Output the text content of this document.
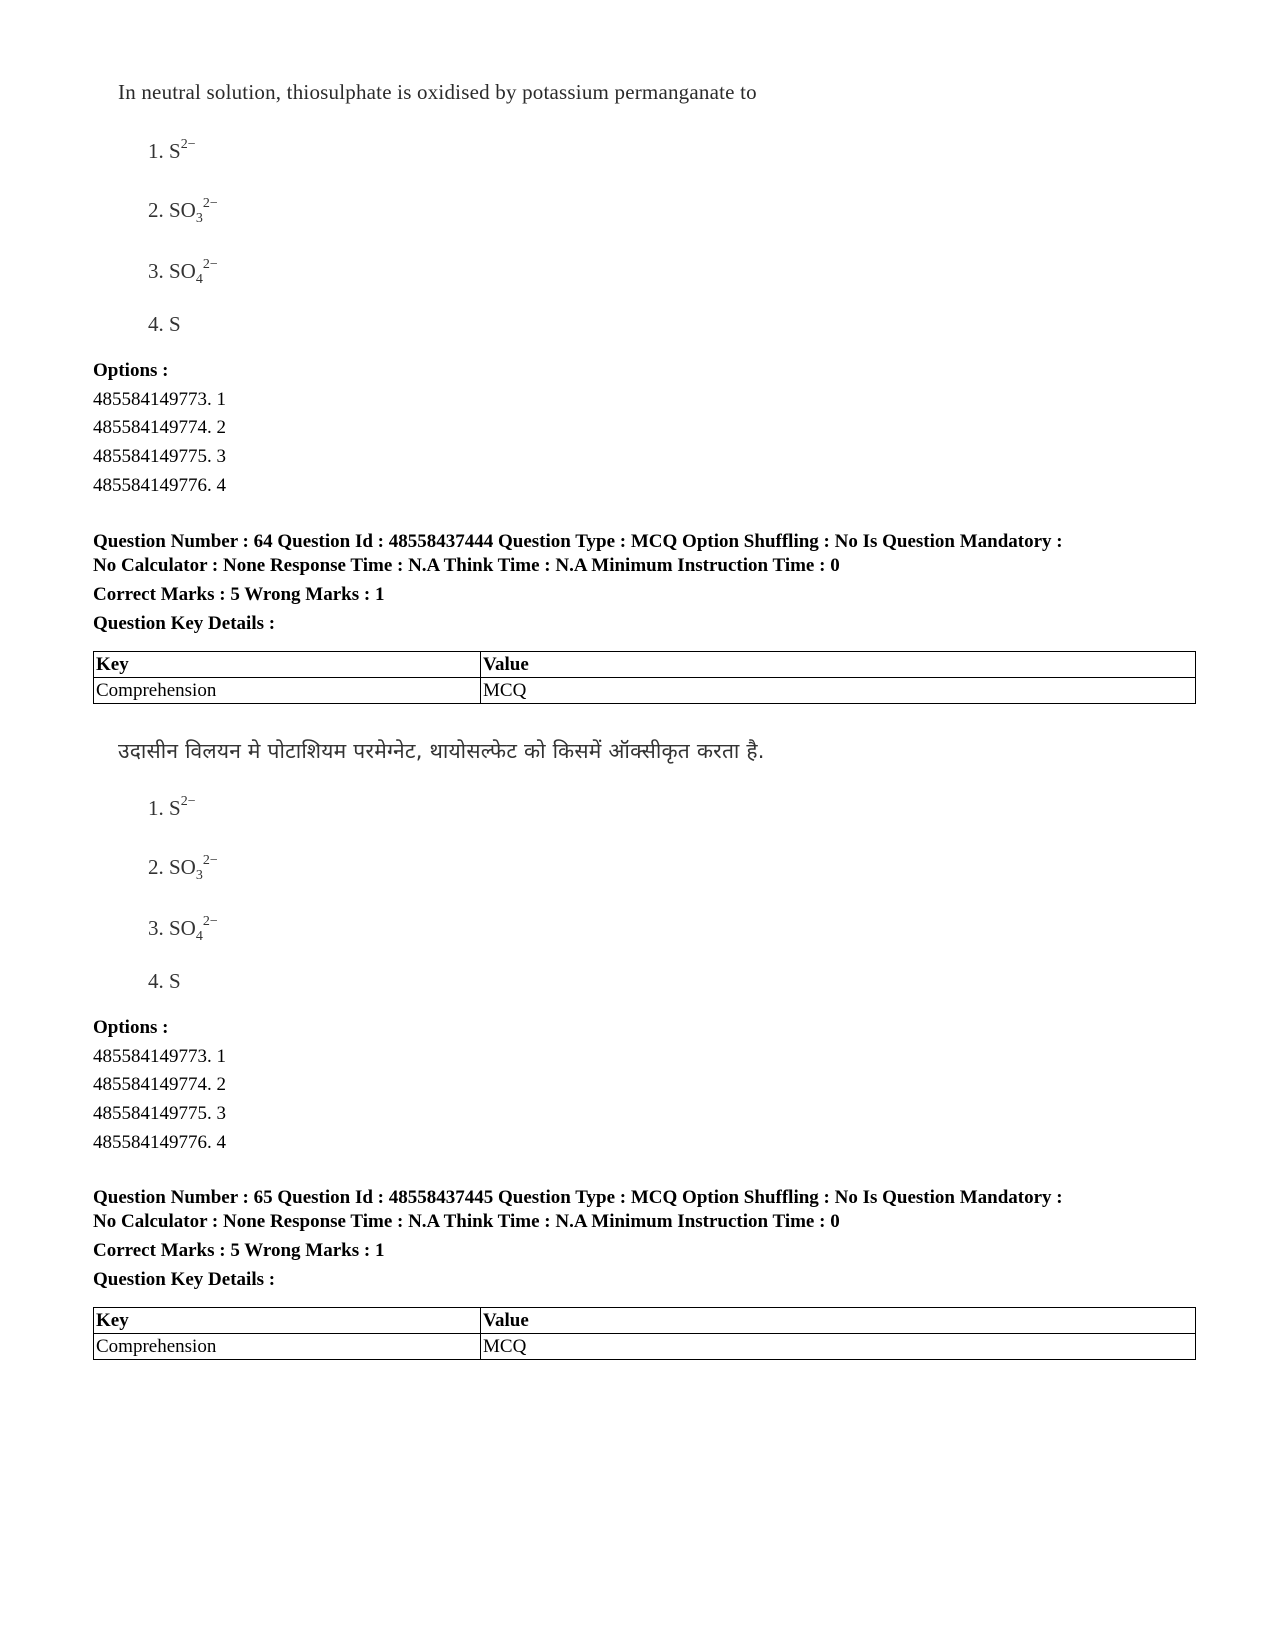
In neutral solution, thiosulphate is oxidised by potassium permanganate to
1. $S^{2-}$
2. $SO_3^{2-}$
3. $SO_4^{2-}$
4. S
Options :
485584149773. 1
485584149774. 2
485584149775. 3
485584149776. 4
Question Number : 64 Question Id : 48558437444 Question Type : MCQ Option Shuffling : No Is Question Mandatory :
No Calculator : None Response Time : N.A Think Time : N.A Minimum Instruction Time : 0
Correct Marks : 5 Wrong Marks : 1
Question Key Details :
Key	Value
Comprehension	MCQ
उदासीन विलयन मे पोटाशियम परमेग्नेट, थायोसल्फेट को किसमें ऑक्सीकृत करता है.
1. $S^{2-}$
2. $SO_3^{2-}$
3. $SO_4^{2-}$
4. S
Options :
485584149773. 1
485584149774. 2
485584149775. 3
485584149776. 4
Question Number : 65 Question Id : 48558437445 Question Type : MCQ Option Shuffling : No Is Question Mandatory :
No Calculator : None Response Time : N.A Think Time : N.A Minimum Instruction Time : 0
Correct Marks : 5 Wrong Marks : 1
Question Key Details :
Key	Value
Comprehension	MCQ
